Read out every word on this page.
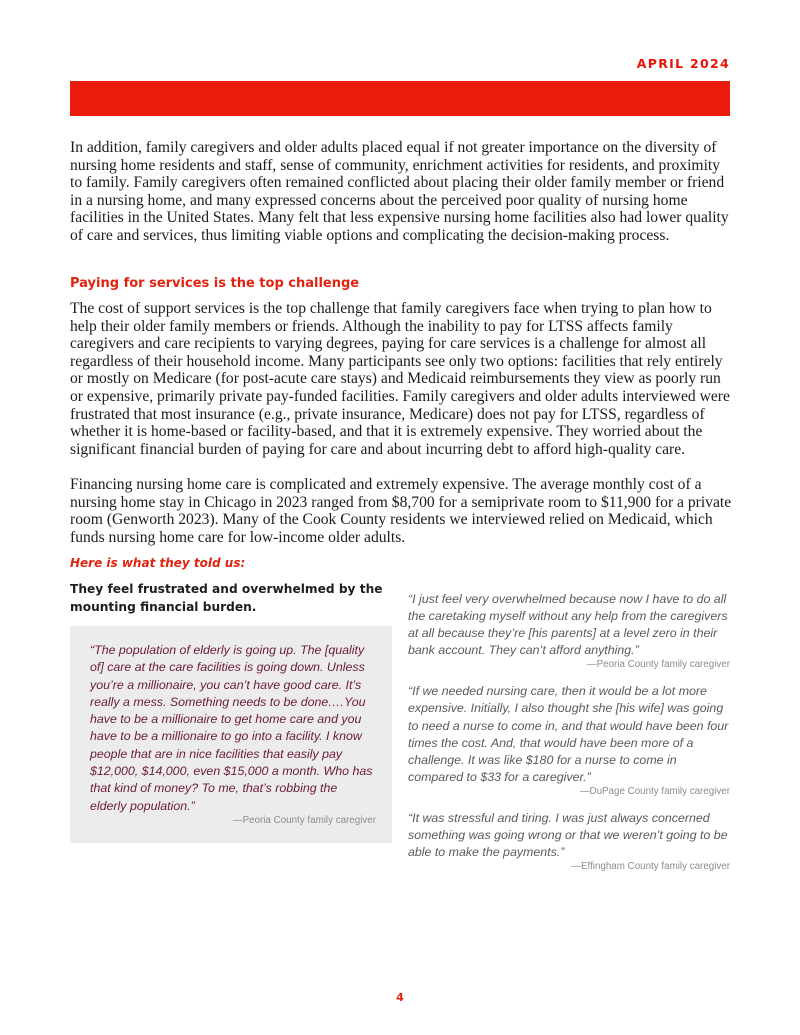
APRIL 2024

In addition, family caregivers and older adults placed equal if not greater importance on the diversity of nursing home residents and staff, sense of community, enrichment activities for residents, and proximity to family. Family caregivers often remained conflicted about placing their older family member or friend in a nursing home, and many expressed concerns about the perceived poor quality of nursing home facilities in the United States. Many felt that less expensive nursing home facilities also had lower quality of care and services, thus limiting viable options and complicating the decision-making process.

Paying for services is the top challenge

The cost of support services is the top challenge that family caregivers face when trying to plan how to help their older family members or friends. Although the inability to pay for LTSS affects family caregivers and care recipients to varying degrees, paying for care services is a challenge for almost all regardless of their household income. Many participants see only two options: facilities that rely entirely or mostly on Medicare (for post-acute care stays) and Medicaid reimbursements they view as poorly run or expensive, primarily private pay-funded facilities. Family caregivers and older adults interviewed were frustrated that most insurance (e.g., private insurance, Medicare) does not pay for LTSS, regardless of whether it is home-based or facility-based, and that it is extremely expensive. They worried about the significant financial burden of paying for care and about incurring debt to afford high-quality care.

Financing nursing home care is complicated and extremely expensive. The average monthly cost of a nursing home stay in Chicago in 2023 ranged from $8,700 for a semiprivate room to $11,900 for a private room (Genworth 2023). Many of the Cook County residents we interviewed relied on Medicaid, which funds nursing home care for low-income older adults.

Here is what they told us:

They feel frustrated and overwhelmed by the mounting financial burden.

“The population of elderly is going up. The [quality of] care at the care facilities is going down. Unless you’re a millionaire, you can’t have good care. It’s really a mess. Something needs to be done.…You have to be a millionaire to get home care and you have to be a millionaire to go into a facility. I know people that are in nice facilities that easily pay $12,000, $14,000, even $15,000 a month. Who has that kind of money? To me, that’s robbing the elderly population.”

—Peoria County family caregiver

“I just feel very overwhelmed because now I have to do all the caretaking myself without any help from the caregivers at all because they’re [his parents] at a level zero in their bank account. They can’t afford anything.”

—Peoria County family caregiver

“If we needed nursing care, then it would be a lot more expensive. Initially, I also thought she [his wife] was going to need a nurse to come in, and that would have been four times the cost. And, that would have been more of a challenge. It was like $180 for a nurse to come in compared to $33 for a caregiver.”

—DuPage County family caregiver

“It was stressful and tiring. I was just always concerned something was going wrong or that we weren’t going to be able to make the payments.”

—Effingham County family caregiver

4
